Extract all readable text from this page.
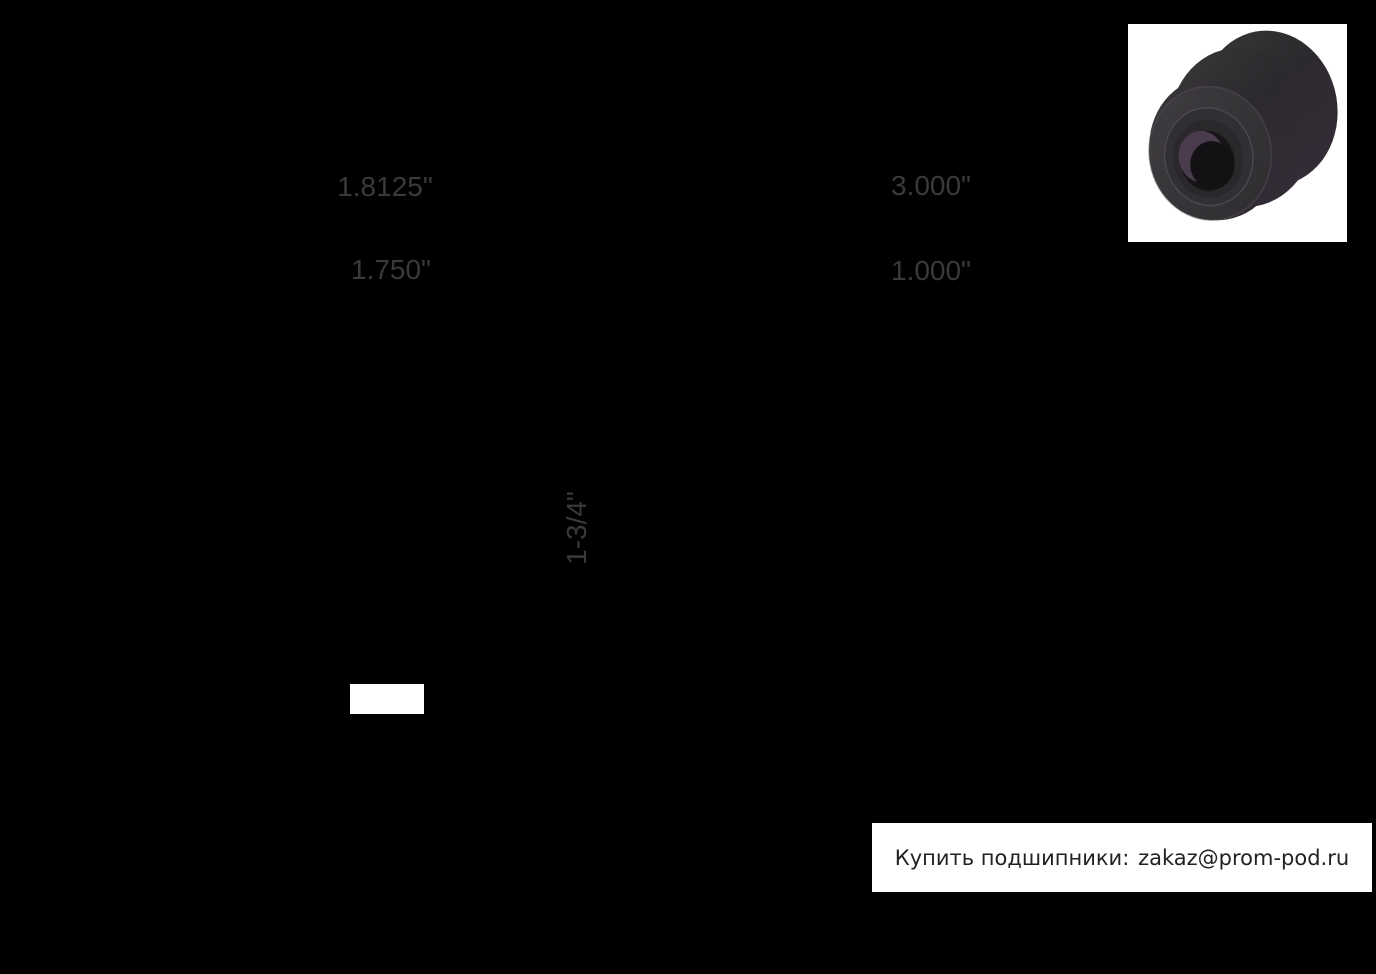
1.8125"
1.750"
3.000"
1.000"
1-3/4"
Купить подшипники: zakaz@prom-pod.ru
